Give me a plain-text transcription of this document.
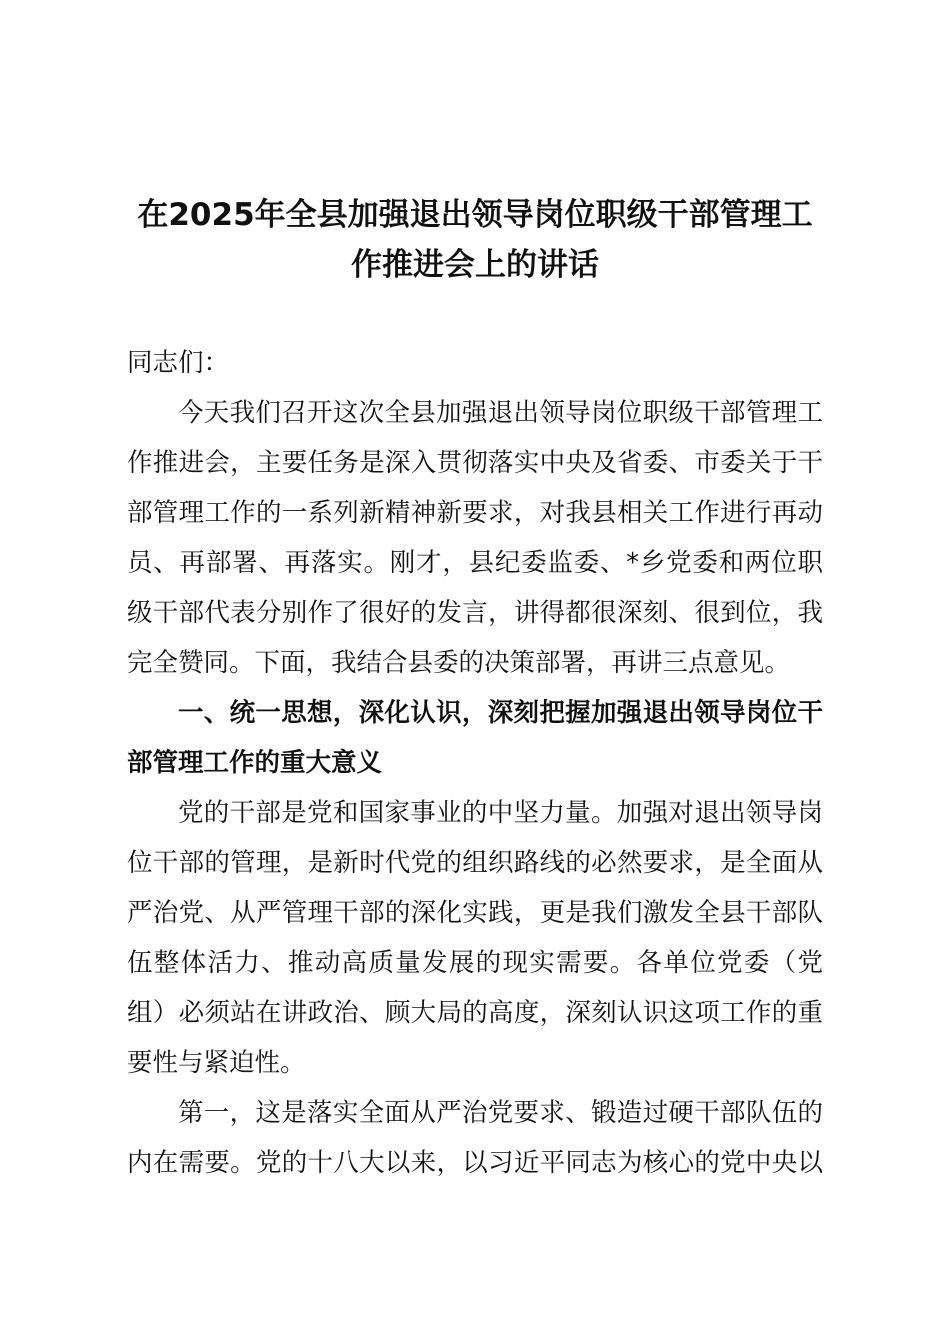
在2025年全县加强退出领导岗位职级干部管理工
作推进会上的讲话
同志们：
今天我们召开这次全县加强退出领导岗位职级干部管理工
作推进会，主要任务是深入贯彻落实中央及省委、市委关于干
部管理工作的一系列新精神新要求，对我县相关工作进行再动
员、再部署、再落实。刚才，县纪委监委、*乡党委和两位职
级干部代表分别作了很好的发言，讲得都很深刻、很到位，我
完全赞同。下面，我结合县委的决策部署，再讲三点意见。
一、统一思想，深化认识，深刻把握加强退出领导岗位干
部管理工作的重大意义
党的干部是党和国家事业的中坚力量。加强对退出领导岗
位干部的管理，是新时代党的组织路线的必然要求，是全面从
严治党、从严管理干部的深化实践，更是我们激发全县干部队
伍整体活力、推动高质量发展的现实需要。各单位党委（党
组）必须站在讲政治、顾大局的高度，深刻认识这项工作的重
要性与紧迫性。
第一，这是落实全面从严治党要求、锻造过硬干部队伍的
内在需要。党的十八大以来，以习近平同志为核心的党中央以
